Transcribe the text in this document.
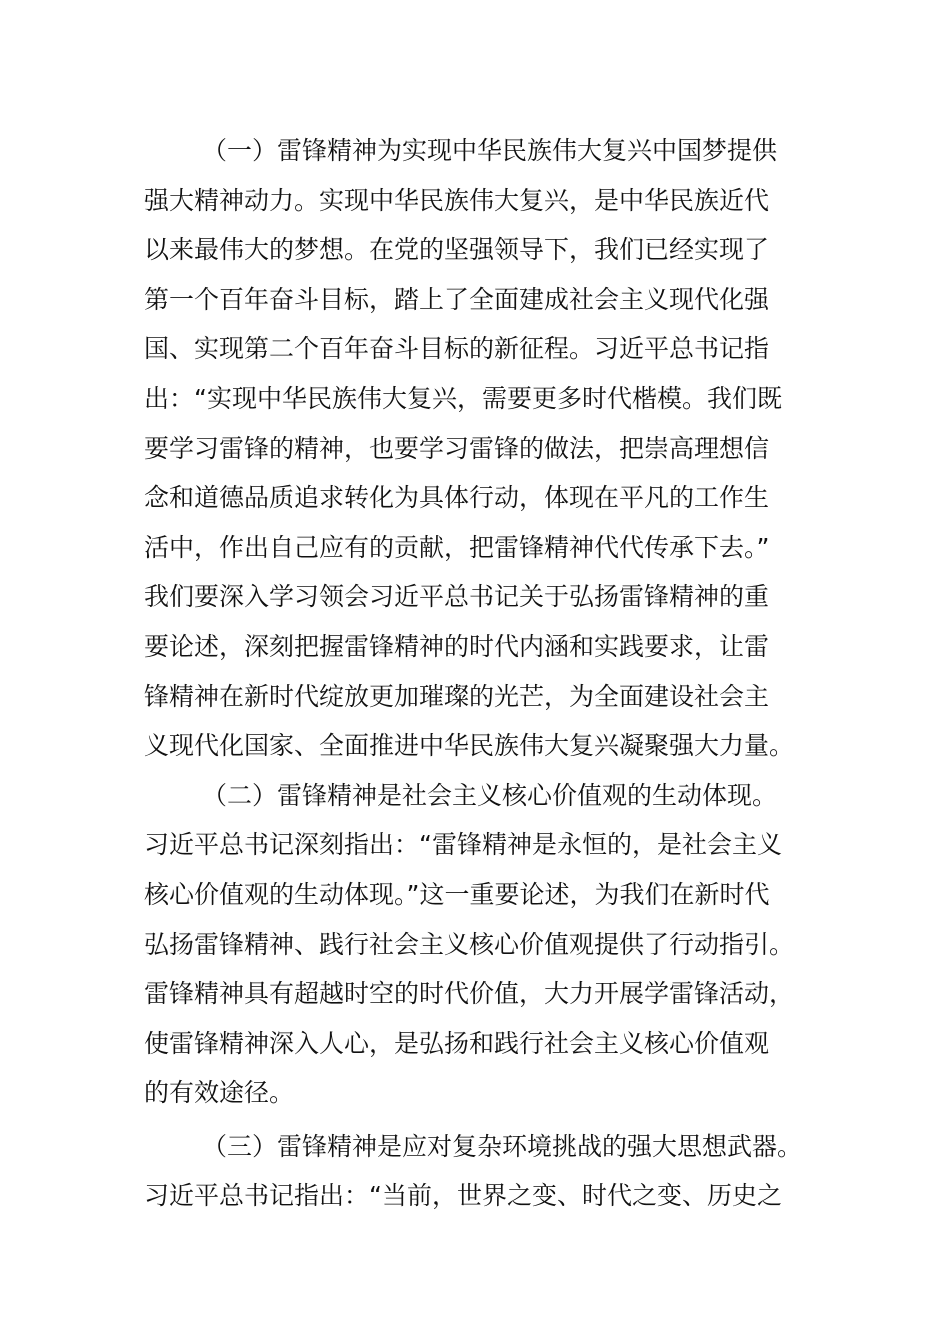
（一）雷锋精神为实现中华民族伟大复兴中国梦提供
强大精神动力。实现中华民族伟大复兴，是中华民族近代
以来最伟大的梦想。在党的坚强领导下，我们已经实现了
第一个百年奋斗目标，踏上了全面建成社会主义现代化强
国、实现第二个百年奋斗目标的新征程。习近平总书记指
出：“实现中华民族伟大复兴，需要更多时代楷模。我们既
要学习雷锋的精神，也要学习雷锋的做法，把崇高理想信
念和道德品质追求转化为具体行动，体现在平凡的工作生
活中，作出自己应有的贡献，把雷锋精神代代传承下去。”
我们要深入学习领会习近平总书记关于弘扬雷锋精神的重
要论述，深刻把握雷锋精神的时代内涵和实践要求，让雷
锋精神在新时代绽放更加璀璨的光芒，为全面建设社会主
义现代化国家、全面推进中华民族伟大复兴凝聚强大力量。
（二）雷锋精神是社会主义核心价值观的生动体现。
习近平总书记深刻指出：“雷锋精神是永恒的，是社会主义
核心价值观的生动体现。”这一重要论述，为我们在新时代
弘扬雷锋精神、践行社会主义核心价值观提供了行动指引。
雷锋精神具有超越时空的时代价值，大力开展学雷锋活动，
使雷锋精神深入人心，是弘扬和践行社会主义核心价值观
的有效途径。
（三）雷锋精神是应对复杂环境挑战的强大思想武器。
习近平总书记指出：“当前，世界之变、时代之变、历史之
